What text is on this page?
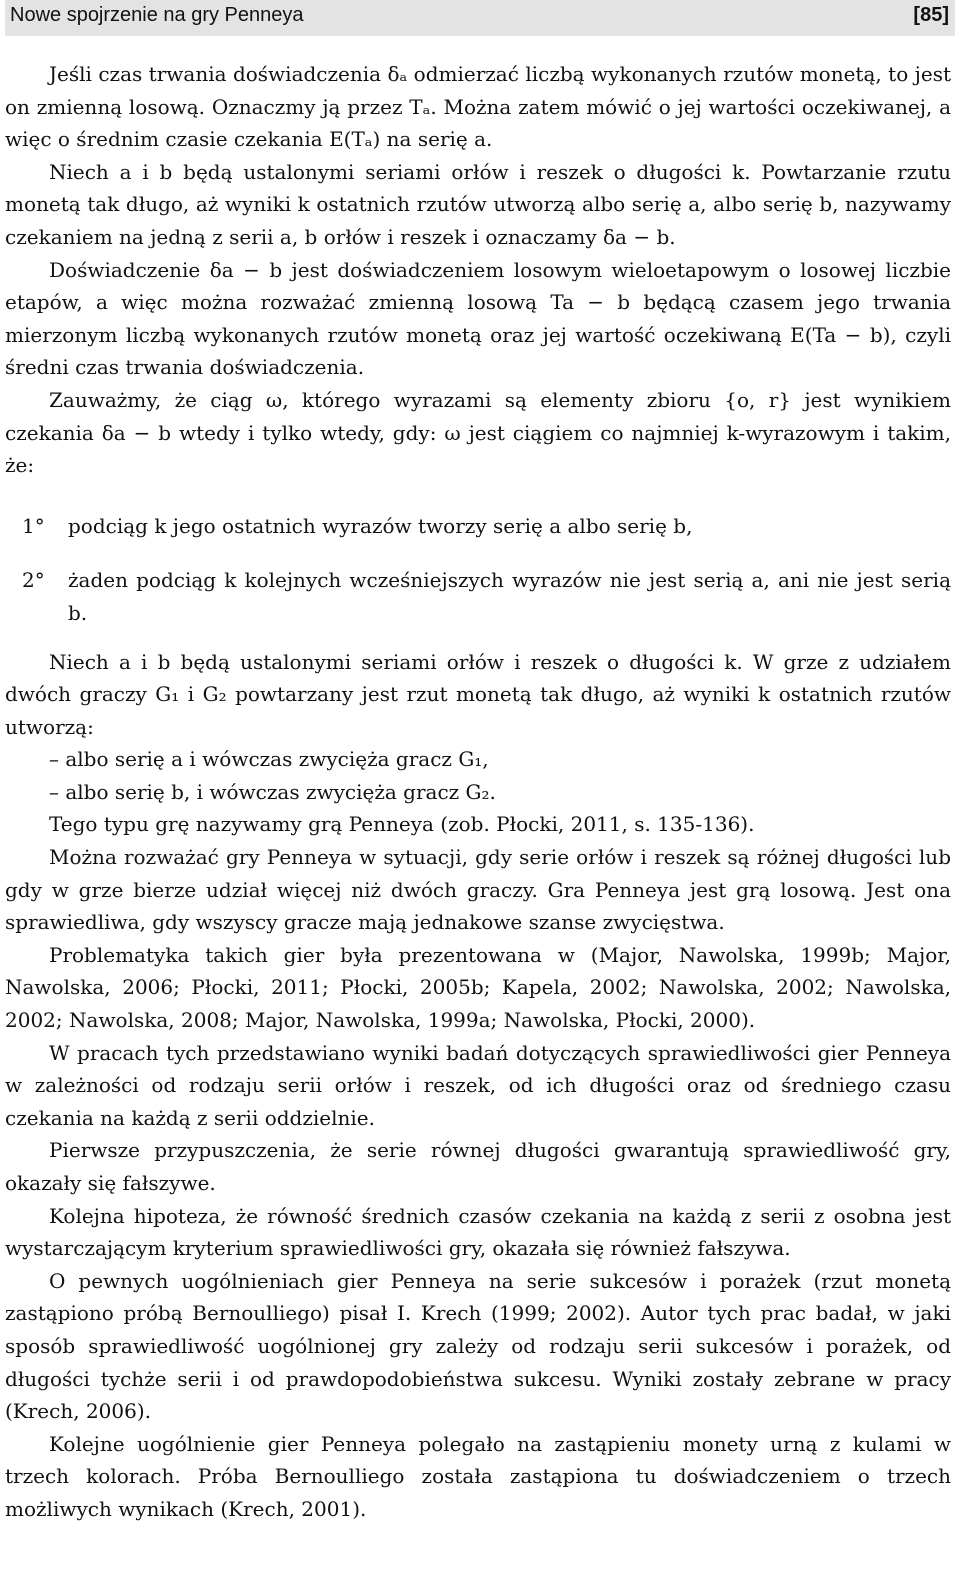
Nowe spojrzenie na gry Penneya	[85]

Jeśli czas trwania doświadczenia δₐ odmierzać liczbą wykonanych rzutów monetą, to jest on zmienną losową. Oznaczmy ją przez Tₐ. Można zatem mówić o jej wartości oczekiwanej, a więc o średnim czasie czekania E(Tₐ) na serię a.

Niech a i b będą ustalonymi seriami orłów i reszek o długości k. Powtarzanie rzutu monetą tak długo, aż wyniki k ostatnich rzutów utworzą albo serię a, albo serię b, nazywamy czekaniem na jedną z serii a, b orłów i reszek i oznaczamy δa − b.

Doświadczenie δa − b jest doświadczeniem losowym wieloetapowym o losowej liczbie etapów, a więc można rozważać zmienną losową Ta − b będącą czasem jego trwania mierzonym liczbą wykonanych rzutów monetą oraz jej wartość oczekiwaną E(Ta − b), czyli średni czas trwania doświadczenia.

Zauważmy, że ciąg ω, którego wyrazami są elementy zbioru {o, r} jest wynikiem czekania δa − b wtedy i tylko wtedy, gdy: ω jest ciągiem co najmniej k-wyrazowym i takim, że:

1° podciąg k jego ostatnich wyrazów tworzy serię a albo serię b,
2° żaden podciąg k kolejnych wcześniejszych wyrazów nie jest serią a, ani nie jest serią b.

Niech a i b będą ustalonymi seriami orłów i reszek o długości k. W grze z udziałem dwóch graczy G₁ i G₂ powtarzany jest rzut monetą tak długo, aż wyniki k ostatnich rzutów utworzą:

– albo serię a i wówczas zwycięża gracz G₁,
– albo serię b, i wówczas zwycięża gracz G₂.
Tego typu grę nazywamy grą Penneya (zob. Płocki, 2011, s. 135-136).

Można rozważać gry Penneya w sytuacji, gdy serie orłów i reszek są różnej długości lub gdy w grze bierze udział więcej niż dwóch graczy. Gra Penneya jest grą losową. Jest ona sprawiedliwa, gdy wszyscy gracze mają jednakowe szanse zwycięstwa.

Problematyka takich gier była prezentowana w (Major, Nawolska, 1999b; Major, Nawolska, 2006; Płocki, 2011; Płocki, 2005b; Kapela, 2002; Nawolska, 2002; Nawolska, 2002; Nawolska, 2008; Major, Nawolska, 1999a; Nawolska, Płocki, 2000).

W pracach tych przedstawiano wyniki badań dotyczących sprawiedliwości gier Penneya w zależności od rodzaju serii orłów i reszek, od ich długości oraz od średniego czasu czekania na każdą z serii oddzielnie.

Pierwsze przypuszczenia, że serie równej długości gwarantują sprawiedliwość gry, okazały się fałszywe.

Kolejna hipoteza, że równość średnich czasów czekania na każdą z serii z osobna jest wystarczającym kryterium sprawiedliwości gry, okazała się również fałszywa.

O pewnych uogólnieniach gier Penneya na serie sukcesów i porażek (rzut monetą zastąpiono próbą Bernoulliego) pisał I. Krech (1999; 2002). Autor tych prac badał, w jaki sposób sprawiedliwość uogólnionej gry zależy od rodzaju serii sukcesów i porażek, od długości tychże serii i od prawdopodobieństwa sukcesu. Wyniki zostały zebrane w pracy (Krech, 2006).

Kolejne uogólnienie gier Penneya polegało na zastąpieniu monety urną z kulami w trzech kolorach. Próba Bernoulliego została zastąpiona tu doświadczeniem o trzech możliwych wynikach (Krech, 2001).
